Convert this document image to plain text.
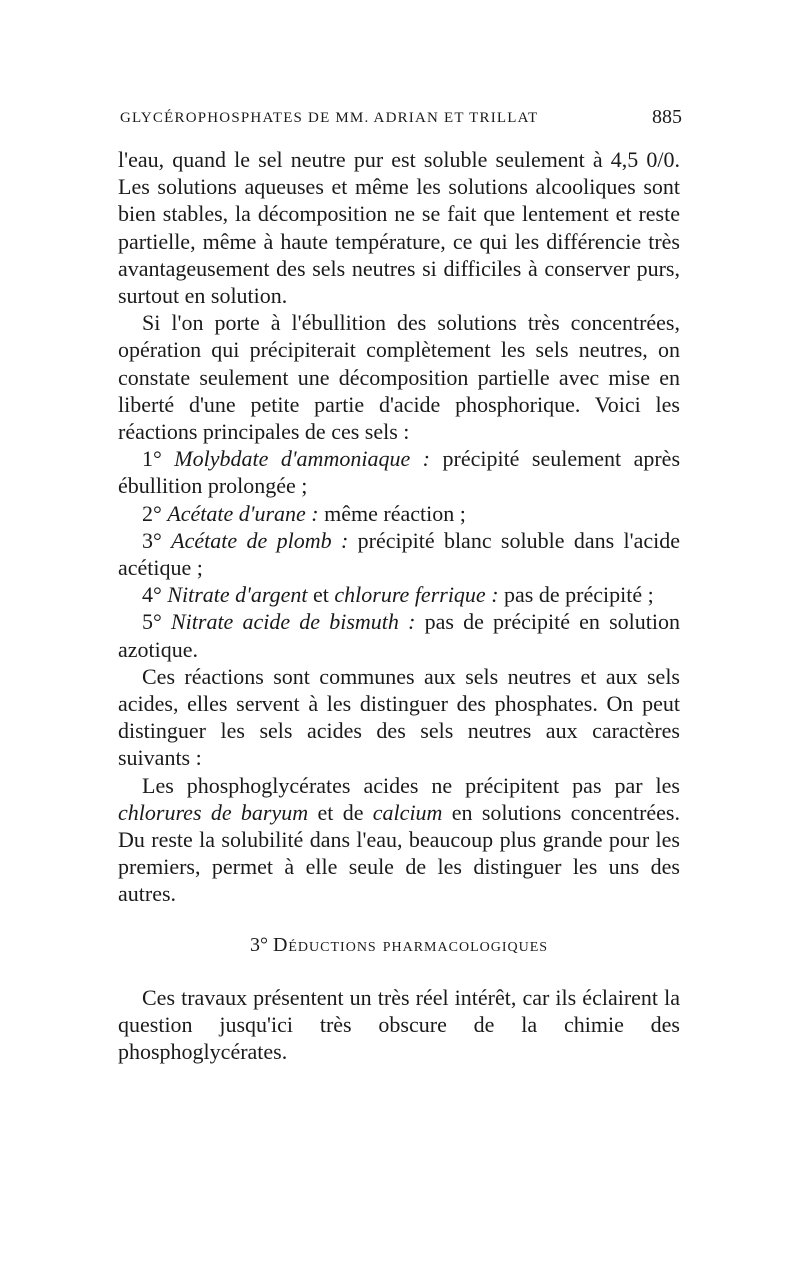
GLYCÉROPHOSPHATES DE MM. ADRIAN ET TRILLAT	885

l'eau, quand le sel neutre pur est soluble seulement à 4,5 0/0. Les solutions aqueuses et même les solutions alcooliques sont bien stables, la décomposition ne se fait que lentement et reste partielle, même à haute température, ce qui les différencie très avantageusement des sels neutres si difficiles à conserver purs, surtout en solution.

Si l'on porte à l'ébullition des solutions très concentrées, opération qui précipiterait complètement les sels neutres, on constate seulement une décomposition partielle avec mise en liberté d'une petite partie d'acide phosphorique. Voici les réactions principales de ces sels :

1° Molybdate d'ammoniaque : précipité seulement après ébullition prolongée ;

2° Acétate d'urane : même réaction ;

3° Acétate de plomb : précipité blanc soluble dans l'acide acétique ;

4° Nitrate d'argent et chlorure ferrique : pas de précipité ;

5° Nitrate acide de bismuth : pas de précipité en solution azotique.

Ces réactions sont communes aux sels neutres et aux sels acides, elles servent à les distinguer des phosphates. On peut distinguer les sels acides des sels neutres aux caractères suivants :

Les phosphoglycérates acides ne précipitent pas par les chlorures de baryum et de calcium en solutions concentrées. Du reste la solubilité dans l'eau, beaucoup plus grande pour les premiers, permet à elle seule de les distinguer les uns des autres.

3° Déductions pharmacologiques

Ces travaux présentent un très réel intérêt, car ils éclairent la question jusqu'ici très obscure de la chimie des phosphoglycérates.
